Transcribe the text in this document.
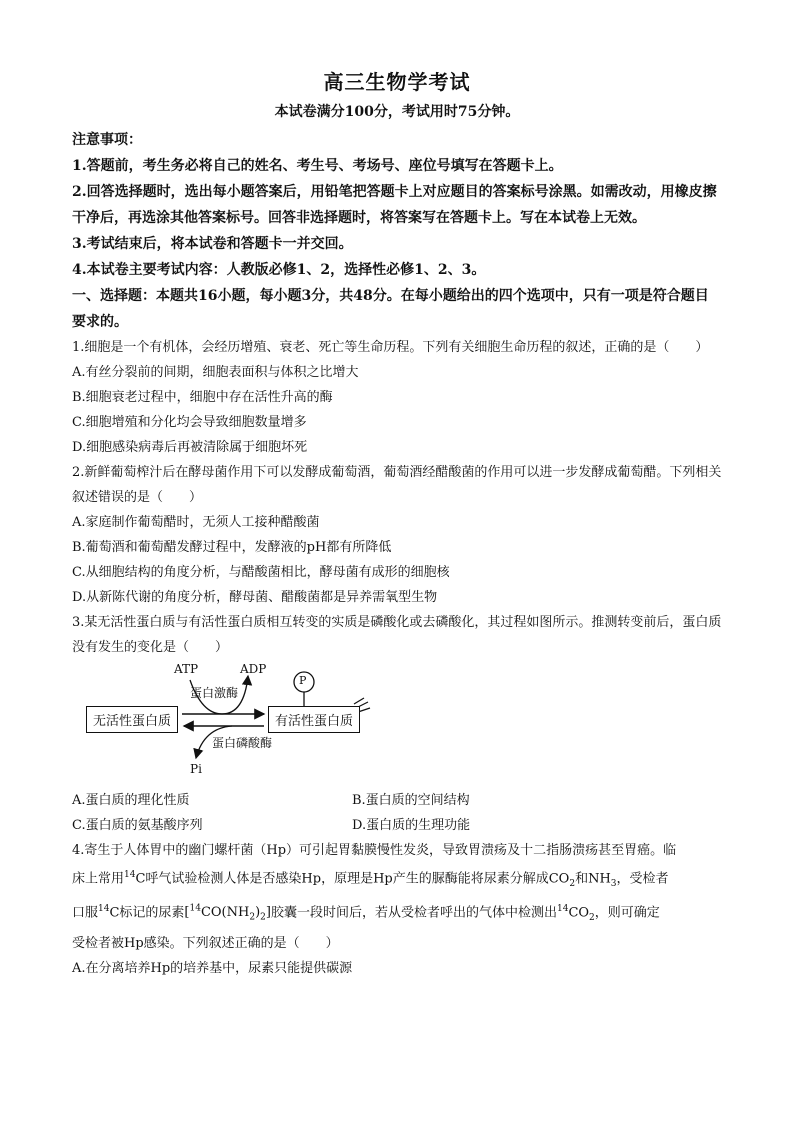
高三生物学考试
本试卷满分100分，考试用时75分钟。
注意事项：
1.答题前，考生务必将自己的姓名、考生号、考场号、座位号填写在答题卡上。
2.回答选择题时，选出每小题答案后，用铅笔把答题卡上对应题目的答案标号涂黑。如需改动，用橡皮擦干净后，再选涂其他答案标号。回答非选择题时，将答案写在答题卡上。写在本试卷上无效。
3.考试结束后，将本试卷和答题卡一并交回。
4.本试卷主要考试内容：人教版必修1、2，选择性必修1、2、3。
一、选择题：本题共16小题，每小题3分，共48分。在每小题给出的四个选项中，只有一项是符合题目要求的。
1.细胞是一个有机体，会经历增殖、衰老、死亡等生命历程。下列有关细胞生命历程的叙述，正确的是（　　）
A.有丝分裂前的间期，细胞表面积与体积之比增大
B.细胞衰老过程中，细胞中存在活性升高的酶
C.细胞增殖和分化均会导致细胞数量增多
D.细胞感染病毒后再被清除属于细胞坏死
2.新鲜葡萄榨汁后在酵母菌作用下可以发酵成葡萄酒，葡萄酒经醋酸菌的作用可以进一步发酵成葡萄醋。下列相关叙述错误的是（　　）
A.家庭制作葡萄醋时，无须人工接种醋酸菌
B.葡萄酒和葡萄醋发酵过程中，发酵液的pH都有所降低
C.从细胞结构的角度分析，与醋酸菌相比，酵母菌有成形的细胞核
D.从新陈代谢的角度分析，酵母菌、醋酸菌都是异养需氧型生物
3.某无活性蛋白质与有活性蛋白质相互转变的实质是磷酸化或去磷酸化，其过程如图所示。推测转变前后，蛋白质没有发生的变化是（　　）
ATP	ADP
P
蛋白激酶
无活性蛋白质	有活性蛋白质
蛋白磷酸酶
Pi
A.蛋白质的理化性质	B.蛋白质的空间结构
C.蛋白质的氨基酸序列	D.蛋白质的生理功能
4.寄生于人体胃中的幽门螺杆菌（Hp）可引起胃黏膜慢性发炎，导致胃溃疡及十二指肠溃疡甚至胃癌。临
床上常用$^{14}$C呼气试验检测人体是否感染Hp，原理是Hp产生的脲酶能将尿素分解成$CO_2$和$NH_3$，受检者
口服$^{14}$C标记的尿素$[^{14}CO(NH_2)_2]$胶囊一段时间后，若从受检者呼出的气体中检测出$^{14}CO_2$，则可确定
受检者被Hp感染。下列叙述正确的是（　　）
A.在分离培养Hp的培养基中，尿素只能提供碳源
